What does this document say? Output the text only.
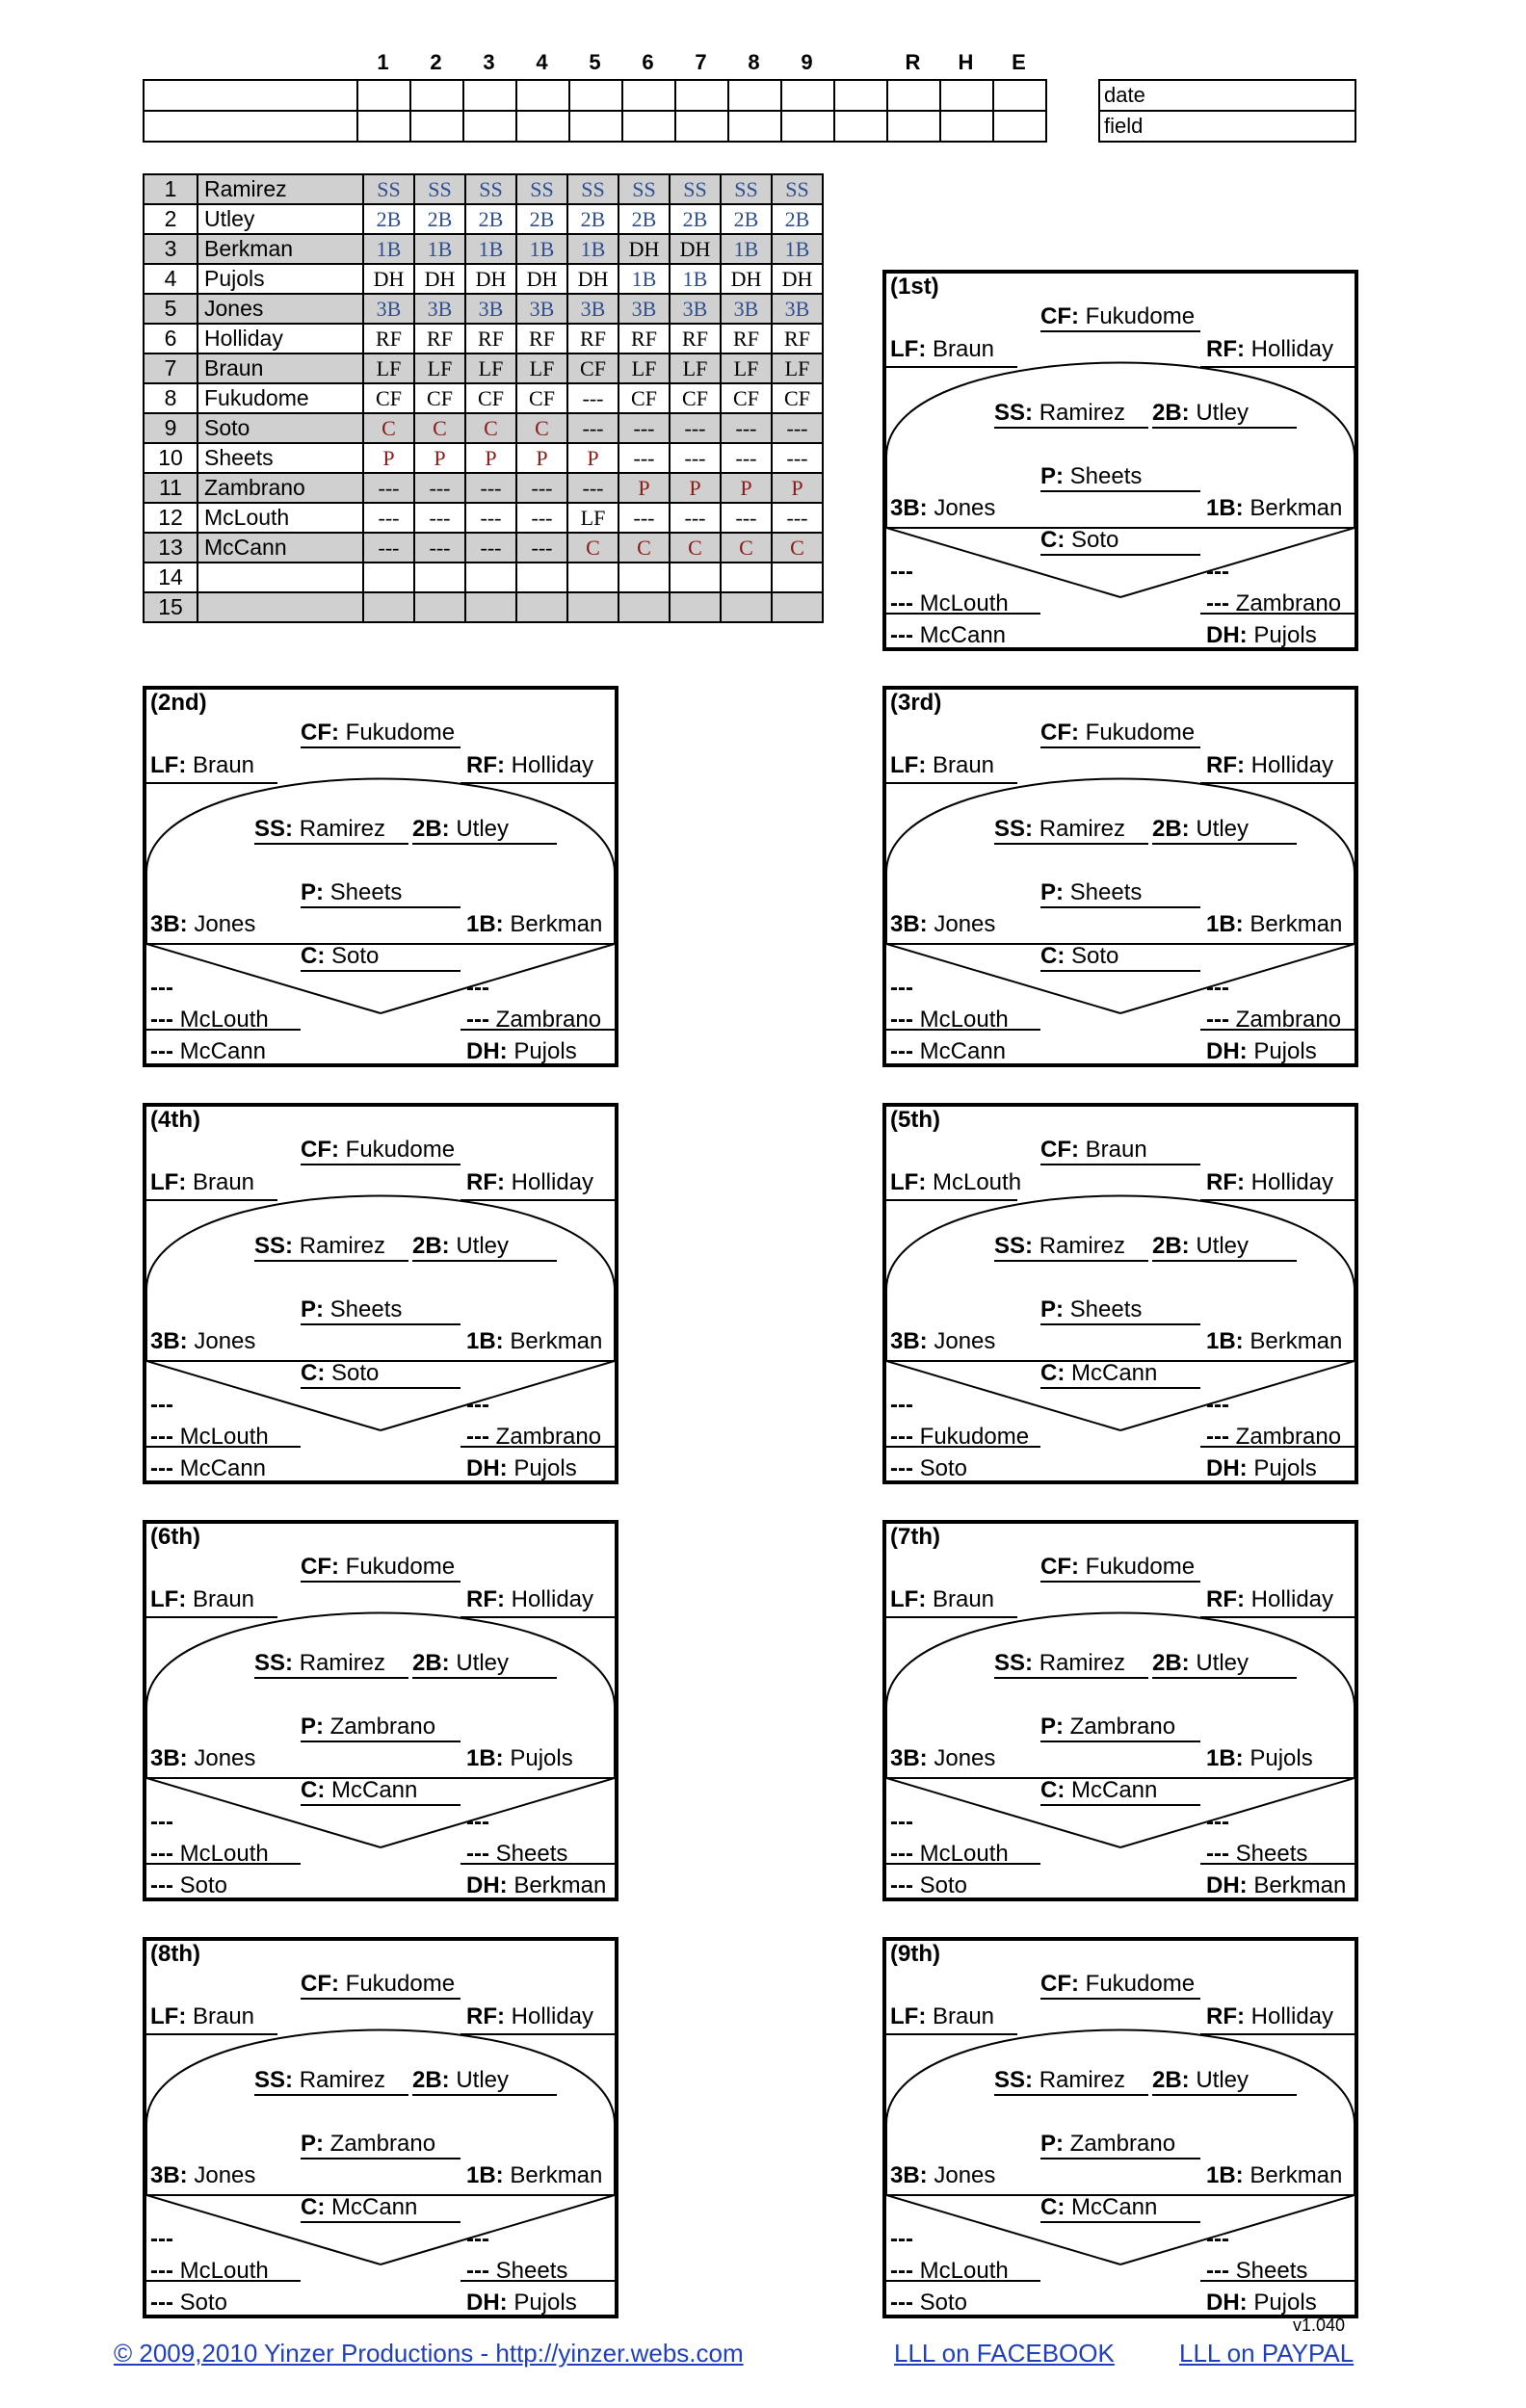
1	2	3	4	5	6	7	8	9	R	H	E

date
field
1	Ramirez	SS	SS	SS	SS	SS	SS	SS	SS	SS
2	Utley	2B	2B	2B	2B	2B	2B	2B	2B	2B
3	Berkman	1B	1B	1B	1B	1B	DH	DH	1B	1B
4	Pujols	DH	DH	DH	DH	DH	1B	1B	DH	DH
5	Jones	3B	3B	3B	3B	3B	3B	3B	3B	3B
6	Holliday	RF	RF	RF	RF	RF	RF	RF	RF	RF
7	Braun	LF	LF	LF	LF	CF	LF	LF	LF	LF
8	Fukudome	CF	CF	CF	CF	---	CF	CF	CF	CF
9	Soto	C	C	C	C	---	---	---	---	---
10	Sheets	P	P	P	P	P	---	---	---	---
11	Zambrano	---	---	---	---	---	P	P	P	P
12	McLouth	---	---	---	---	LF	---	---	---	---
13	McCann	---	---	---	---	C	C	C	C	C
14										
15										
(1st)
CF: Fukudome
LF: Braun	RF: Holliday
SS: Ramirez	2B: Utley
P: Sheets
3B: Jones	1B: Berkman
C: Soto
---	---
--- McLouth	--- Zambrano
--- McCann	DH: Pujols
(2nd)
CF: Fukudome
LF: Braun	RF: Holliday
SS: Ramirez	2B: Utley
P: Sheets
3B: Jones	1B: Berkman
C: Soto
---	---
--- McLouth	--- Zambrano
--- McCann	DH: Pujols
(3rd)
CF: Fukudome
LF: Braun	RF: Holliday
SS: Ramirez	2B: Utley
P: Sheets
3B: Jones	1B: Berkman
C: Soto
---	---
--- McLouth	--- Zambrano
--- McCann	DH: Pujols
(4th)
CF: Fukudome
LF: Braun	RF: Holliday
SS: Ramirez	2B: Utley
P: Sheets
3B: Jones	1B: Berkman
C: Soto
---	---
--- McLouth	--- Zambrano
--- McCann	DH: Pujols
(5th)
CF: Braun
LF: McLouth	RF: Holliday
SS: Ramirez	2B: Utley
P: Sheets
3B: Jones	1B: Berkman
C: McCann
---	---
--- Fukudome	--- Zambrano
--- Soto	DH: Pujols
(6th)
CF: Fukudome
LF: Braun	RF: Holliday
SS: Ramirez	2B: Utley
P: Zambrano
3B: Jones	1B: Pujols
C: McCann
---	---
--- McLouth	--- Sheets
--- Soto	DH: Berkman
(7th)
CF: Fukudome
LF: Braun	RF: Holliday
SS: Ramirez	2B: Utley
P: Zambrano
3B: Jones	1B: Pujols
C: McCann
---	---
--- McLouth	--- Sheets
--- Soto	DH: Berkman
(8th)
CF: Fukudome
LF: Braun	RF: Holliday
SS: Ramirez	2B: Utley
P: Zambrano
3B: Jones	1B: Berkman
C: McCann
---	---
--- McLouth	--- Sheets
--- Soto	DH: Pujols
(9th)
CF: Fukudome
LF: Braun	RF: Holliday
SS: Ramirez	2B: Utley
P: Zambrano
3B: Jones	1B: Berkman
C: McCann
---	---
--- McLouth	--- Sheets
--- Soto	DH: Pujols
v1.040
© 2009,2010 Yinzer Productions - http://yinzer.webs.com	LLL on FACEBOOK	LLL on PAYPAL
